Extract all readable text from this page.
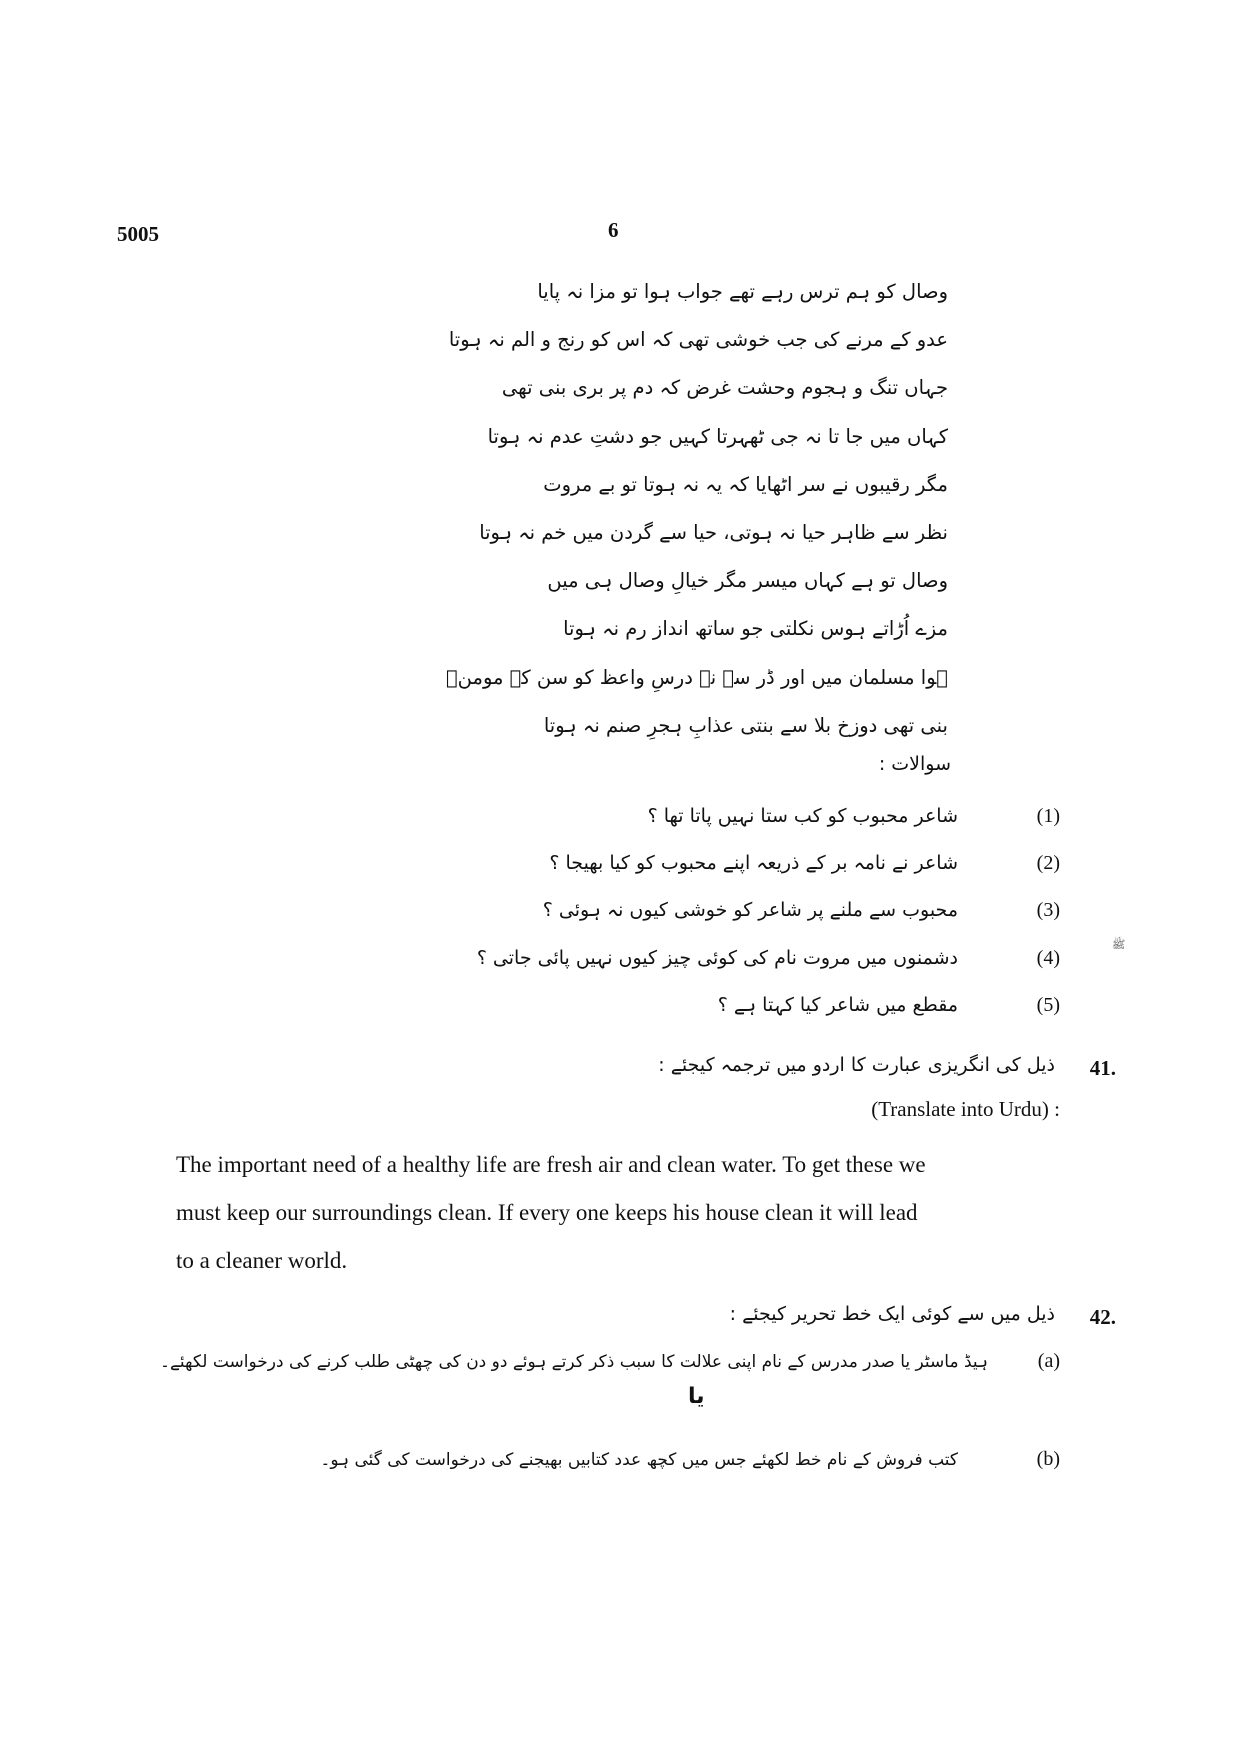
5005	6
وصال کو ہم ترس رہے تھے جواب ہوا تو مزا نہ پایا
عدو کے مرنے کی جب خوشی تھی کہ اس کو رنج و الم نہ ہوتا
جہاں تنگ و ہجوم وحشت غرض کہ دم پر بری بنی تھی
کہاں میں جا تا نہ جی ٹھہرتا کہیں جو دشتِ عدم نہ ہوتا
مگر رقیبوں نے سر اٹھایا کہ یہ نہ ہوتا تو بے مروت
نظر سے ظاہر حیا نہ ہوتی، حیا سے گردن میں خم نہ ہوتا
وصال تو ہے کہاں میسر مگر خیالِ وصال ہی میں
مزے اُڑاتے ہوس نکلتی جو ساتھ انداز رم نہ ہوتا
ہوا مسلمان میں اور ڈر سے نہ درسِ واعظ کو سن کے مومنؔ
بنی تھی دوزخ بلا سے بنتی عذابِ ہجرِ صنم نہ ہوتا
سوالات :
(1)
شاعر محبوب کو کب ستا نہیں پاتا تھا ؟
(2)
شاعر نے نامہ بر کے ذریعہ اپنے محبوب کو کیا بھیجا ؟
(3)
محبوب سے ملنے پر شاعر کو خوشی کیوں نہ ہوئی ؟
(4)
دشمنوں میں مروت نام کی کوئی چیز کیوں نہیں پائی جاتی ؟
(5)
مقطع میں شاعر کیا کہتا ہے ؟
ﷺ
41.
ذیل کی انگریزی عبارت کا اردو میں ترجمہ کیجئے :
(Translate into Urdu) :

The important need of a healthy life are fresh air and clean water. To get these we

must keep our surroundings clean. If every one keeps his house clean it will lead

to a cleaner world.

42.
ذیل میں سے کوئی ایک خط تحریر کیجئے :
(a)
ہیڈ ماسٹر یا صدر مدرس کے نام اپنی علالت کا سبب ذکر کرتے ہوئے دو دن کی چھٹی طلب کرنے کی درخواست لکھئے۔
یا
(b)
کتب فروش کے نام خط لکھئے جس میں کچھ عدد کتابیں بھیجنے کی درخواست کی گئی ہو۔
